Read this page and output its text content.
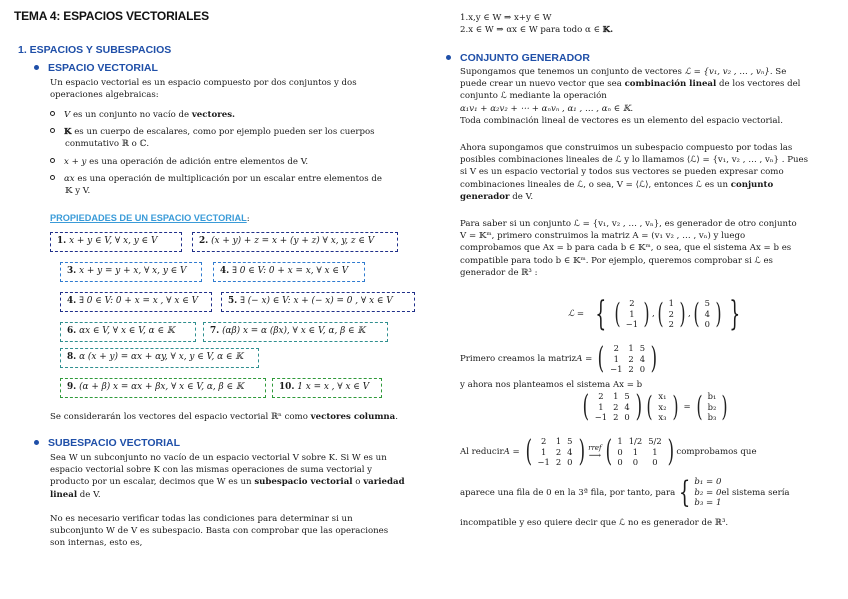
TEMA 4: ESPACIOS VECTORIALES
1. ESPACIOS Y SUBESPACIOS
ESPACIO VECTORIAL

Un espacio vectorial es un espacio compuesto por dos conjuntos y dos

operaciones algebraicas:

V es un conjunto no vacío de vectores.
𝕂 es un cuerpo de escalares, como por ejemplo pueden ser los cuerpos
conmutativo ℝ o ℂ.
x + y es una operación de adición entre elementos de V.
αx es una operación de multiplicación por un escalar entre elementos de
𝕂 y V.
PROPIEDADES DE UN ESPACIO VECTORIAL:
1. x + y ∈ V, ∀ x, y ∈ V	2. (x + y) + z = x + (y + z) ∀ x, y, z ∈ V
3. x + y = y + x, ∀ x, y ∈ V	4. ∃ 0 ∈ V: 0 + x = x, ∀ x ∈ V
4. ∃ 0 ∈ V: 0 + x = x , ∀ x ∈ V	5. ∃ (− x) ∈ V: x + (− x) = 0 , ∀ x ∈ V
6. αx ∈ V, ∀ x ∈ V, α ∈ 𝕂	7. (αβ) x = α (βx), ∀ x ∈ V, α, β ∈ 𝕂
8. α (x + y) = αx + αy, ∀ x, y ∈ V, α ∈ 𝕂
9. (α + β) x = αx + βx, ∀ x ∈ V, α, β ∈ 𝕂	10. 1 x = x , ∀ x ∈ V
Se considerarán los vectores del espacio vectorial ℝⁿ como vectores columna.
SUBESPACIO VECTORIAL

Sea W un subconjunto no vacío de un espacio vectorial V sobre K. Si W es un

espacio vectorial sobre K con las mismas operaciones de suma vectorial y

producto por un escalar, decimos que W es un subespacio vectorial o variedad

lineal de V.

No es necesario verificar todas las condiciones para determinar si un

subconjunto W de V es subespacio. Basta con comprobar que las operaciones

son internas, esto es,

1.x,y ∈ W ⇒ x+y ∈ W

2.x ∈ W ⇒ αx ∈ W para todo α ∈ 𝕂.

CONJUNTO GENERADOR

Supongamos que tenemos un conjunto de vectores ℒ = {v₁, v₂ , … , vₙ}. Se

puede crear un nuevo vector que sea combinación lineal de los vectores del

conjunto ℒ mediante la operación

α₁v₁ + α₂v₂ + ⋯ + αₙvₙ , α₁ , … , αₙ ∈ 𝕂.

Toda combinación lineal de vectores es un elemento del espacio vectorial.

Ahora supongamos que construimos un subespacio compuesto por todas las

posibles combinaciones lineales de ℒ y lo llamamos ⟨ℒ⟩ = {v₁, v₂ , … , vₙ} . Pues

si V es un espacio vectorial y todos sus vectores se pueden expresar como

combinaciones lineales de ℒ, o sea, V = ⟨ℒ⟩, entonces ℒ es un conjunto

generador de V.

Para saber si un conjunto ℒ = {v₁, v₂ , … , vₙ}, es generador de otro conjunto

V = 𝕂ᵐ, primero construimos la matriz A = (v₁ v₂ , … , vₙ) y luego

comprobamos que Ax = b para cada b ∈ 𝕂ᵐ, o sea, que el sistema Ax = b es

compatible para todo b ∈ 𝕂ᵐ. Por ejemplo, queremos comprobar si ℒ es

generador de ℝ³ :

ℒ = { ( 2
1
−1 ) , ( 1
2
2 ) , ( 5
4
0 ) }
Primero creamos la matriz A = ( 2	1	5
1	2	4
−1	2	0 )
y ahora nos planteamos el sistema Ax = b
( 2	1	5
1	2	4
−1	2	0 ) ( x₁
x₂
x₃ ) = ( b₁
b₂
b₃ )
Al reducir A = ( 2	1	5
1	2	4
−1	2	0 ) rref
⟶ ( 1	1/2	5/2
0	1	1
0	0	0 ) comprobamos que
aparece una fila de 0 en la 3ª fila, por tanto, para { b₁ = 0
b₂ = 0
b₃ = 1
el sistema sería
incompatible y eso quiere decir que ℒ no es generador de ℝ³.
